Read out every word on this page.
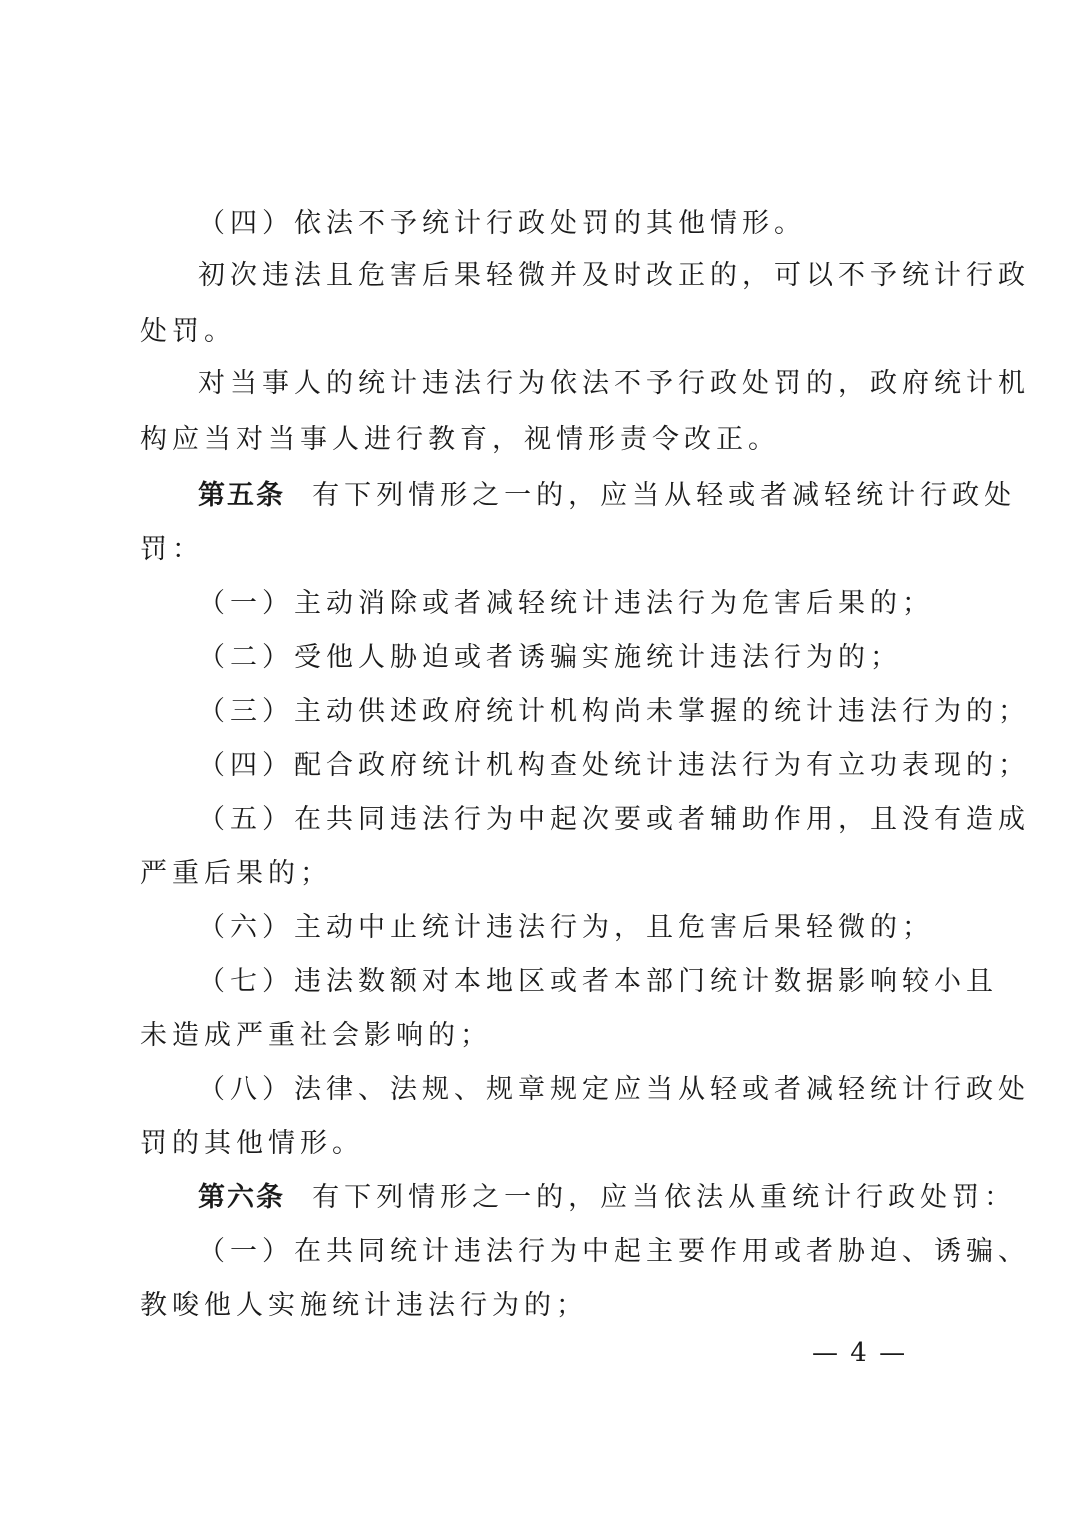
（四）依法不予统计行政处罚的其他情形。
初次违法且危害后果轻微并及时改正的，可以不予统计行政
处罚。
对当事人的统计违法行为依法不予行政处罚的，政府统计机
构应当对当事人进行教育，视情形责令改正。
第五条 有下列情形之一的，应当从轻或者减轻统计行政处
罚：
（一）主动消除或者减轻统计违法行为危害后果的；
（二）受他人胁迫或者诱骗实施统计违法行为的；
（三）主动供述政府统计机构尚未掌握的统计违法行为的；
（四）配合政府统计机构查处统计违法行为有立功表现的；
（五）在共同违法行为中起次要或者辅助作用，且没有造成
严重后果的；
（六）主动中止统计违法行为，且危害后果轻微的；
（七）违法数额对本地区或者本部门统计数据影响较小且
未造成严重社会影响的；
（八）法律、法规、规章规定应当从轻或者减轻统计行政处
罚的其他情形。
第六条 有下列情形之一的，应当依法从重统计行政处罚：
（一）在共同统计违法行为中起主要作用或者胁迫、诱骗、
教唆他人实施统计违法行为的；
— 4 —
